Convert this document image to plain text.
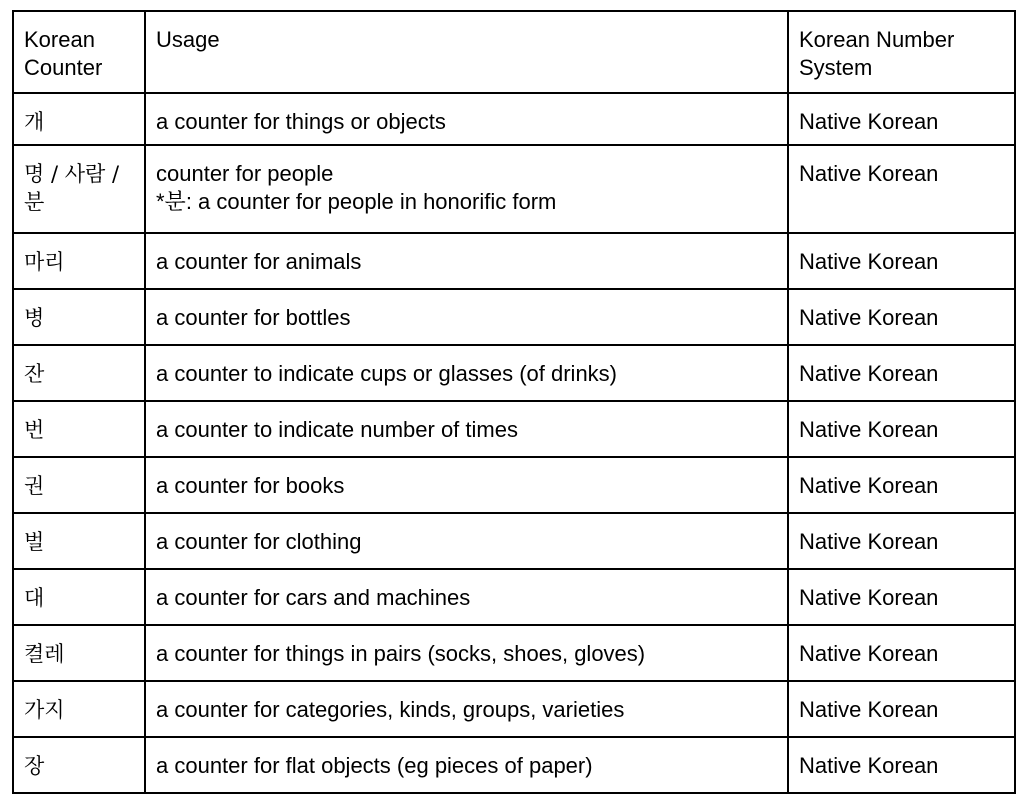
Korean
Counter	Usage	Korean Number
System

개	a counter for things or objects	Native Korean

명 / 사람 /
분	counter for people
*분: a counter for people in honorific form	Native Korean

마리	a counter for animals	Native Korean

병	a counter for bottles	Native Korean

잔	a counter to indicate cups or glasses (of drinks)	Native Korean

번	a counter to indicate number of times	Native Korean

권	a counter for books	Native Korean

벌	a counter for clothing	Native Korean

대	a counter for cars and machines	Native Korean

켤레	a counter for things in pairs (socks, shoes, gloves)	Native Korean

가지	a counter for categories, kinds, groups, varieties	Native Korean

장	a counter for flat objects (eg pieces of paper)	Native Korean
